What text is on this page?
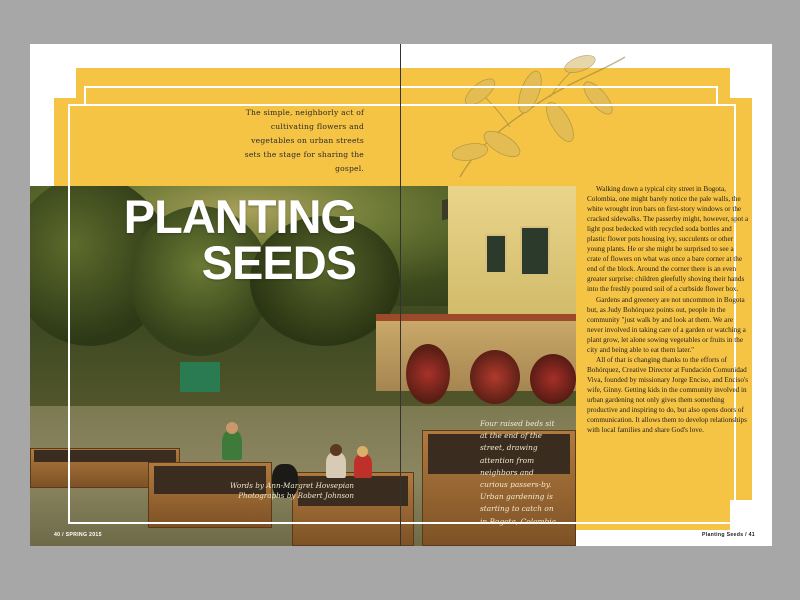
The simple, neighborly act of cultivating flowers and vegetables on urban streets sets the stage for sharing the gospel.

PLANTING
SEEDS
Words by Ann-Margret Hovsepian
Photographs by Robert Johnson

Four raised beds sit at the end of the street, drawing attention from neighbors and curious passers-by. Urban gardening is starting to catch on in Bogota, Colombia.

Walking down a typical city street in Bogota, Colombia, one might barely notice the pale walls, the white wrought iron bars on first-story windows or the cracked sidewalks. The passerby might, however, spot a light post bedecked with recycled soda bottles and plastic flower pots housing ivy, succulents or other young plants. He or she might be surprised to see a crate of flowers on what was once a bare corner at the end of the block. Around the corner there is an even greater surprise: children gleefully shoving their hands into the freshly poured soil of a curbside flower box.

Gardens and greenery are not uncommon in Bogota but, as Judy Bohórquez points out, people in the community "just walk by and look at them. We are never involved in taking care of a garden or watching a plant grow, let alone sowing vegetables or fruits in the city and being able to eat them later."

All of that is changing thanks to the efforts of Bohórquez, Creative Director at Fundación Comunidad Viva, founded by missionary Jorge Enciso, and Enciso's wife, Ginny. Getting kids in the community involved in urban gardening not only gives them something productive and inspiring to do, but also opens doors of communication. It allows them to develop relationships with local families and share God's love.

40 / SPRING 2015	Planting Seeds / 41
